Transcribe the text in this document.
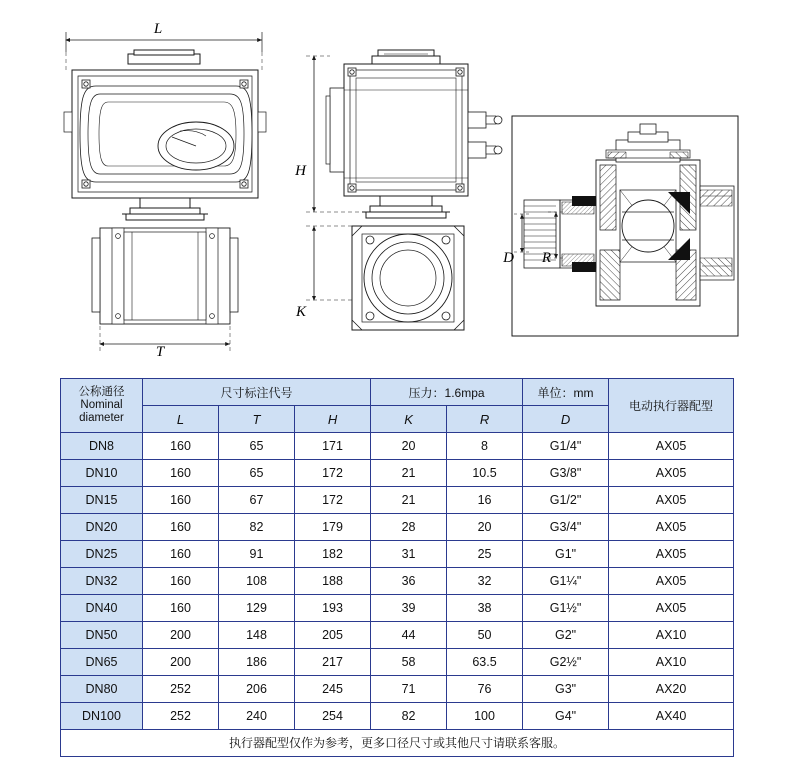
L
T
H
K
D R
公称通径
Nominal
diameter	尺寸标注代号			压力：1.6mpa		单位：mm	电动执行器配型
	L	T	H	K	R	D	
DN8	160	65	171	20	8	G1/4"	AX05
DN10	160	65	172	21	10.5	G3/8"	AX05
DN15	160	67	172	21	16	G1/2"	AX05
DN20	160	82	179	28	20	G3/4"	AX05
DN25	160	91	182	31	25	G1"	AX05
DN32	160	108	188	36	32	G1¼"	AX05
DN40	160	129	193	39	38	G1½"	AX05
DN50	200	148	205	44	50	G2"	AX10
DN65	200	186	217	58	63.5	G2½"	AX10
DN80	252	206	245	71	76	G3"	AX20
DN100	252	240	254	82	100	G4"	AX40
执行器配型仅作为参考，更多口径尺寸或其他尺寸请联系客服。							
